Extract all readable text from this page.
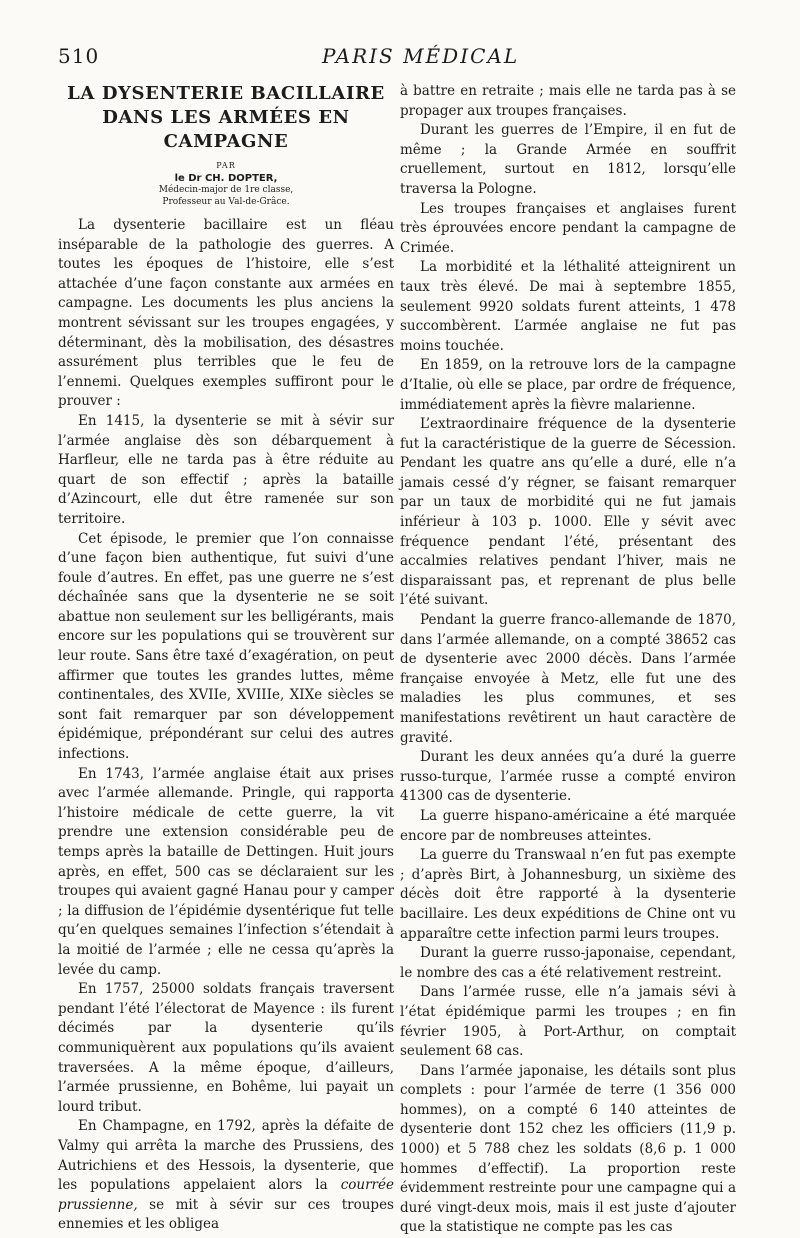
510	PARIS MÉDICAL
LA DYSENTERIE BACILLAIRE DANS LES ARMÉES EN CAMPAGNE
PAR
le Dr CH. DOPTER,
Médecin-major de 1re classe,
Professeur au Val-de-Grâce.

La dysenterie bacillaire est un fléau inséparable de la pathologie des guerres. A toutes les époques de l’histoire, elle s’est attachée d’une façon constante aux armées en campagne. Les documents les plus anciens la montrent sévissant sur les troupes engagées, y déterminant, dès la mobilisation, des désastres assurément plus terribles que le feu de l’ennemi. Quelques exemples suffiront pour le prouver :

En 1415, la dysenterie se mit à sévir sur l’armée anglaise dès son débarquement à Harfleur, elle ne tarda pas à être réduite au quart de son effectif ; après la bataille d’Azincourt, elle dut être ramenée sur son territoire.

Cet épisode, le premier que l’on connaisse d’une façon bien authentique, fut suivi d’une foule d’autres. En effet, pas une guerre ne s’est déchaînée sans que la dysenterie ne se soit abattue non seulement sur les belligérants, mais encore sur les populations qui se trouvèrent sur leur route. Sans être taxé d’exagération, on peut affirmer que toutes les grandes luttes, même continentales, des XVIIe, XVIIIe, XIXe siècles se sont fait remarquer par son développement épidémique, prépondérant sur celui des autres infections.

En 1743, l’armée anglaise était aux prises avec l’armée allemande. Pringle, qui rapporta l’histoire médicale de cette guerre, la vit prendre une extension considérable peu de temps après la bataille de Dettingen. Huit jours après, en effet, 500 cas se déclaraient sur les troupes qui avaient gagné Hanau pour y camper ; la diffusion de l’épidémie dysentérique fut telle qu’en quelques semaines l’infection s’étendait à la moitié de l’armée ; elle ne cessa qu’après la levée du camp.

En 1757, 25000 soldats français traversent pendant l’été l’électorat de Mayence : ils furent décimés par la dysenterie qu’ils communiquèrent aux populations qu’ils avaient traversées. A la même époque, d’ailleurs, l’armée prussienne, en Bohême, lui payait un lourd tribut.

En Champagne, en 1792, après la défaite de Valmy qui arrêta la marche des Prussiens, des Autrichiens et des Hessois, la dysenterie, que les populations appelaient alors la courrée prussienne, se mit à sévir sur ces troupes ennemies et les obligea

à battre en retraite ; mais elle ne tarda pas à se propager aux troupes françaises.

Durant les guerres de l’Empire, il en fut de même ; la Grande Armée en souffrit cruellement, surtout en 1812, lorsqu’elle traversa la Pologne.

Les troupes françaises et anglaises furent très éprouvées encore pendant la campagne de Crimée.

La morbidité et la léthalité atteignirent un taux très élevé. De mai à septembre 1855, seulement 9920 soldats furent atteints, 1 478 succombèrent. L’armée anglaise ne fut pas moins touchée.

En 1859, on la retrouve lors de la campagne d’Italie, où elle se place, par ordre de fréquence, immédiatement après la fièvre malarienne.

L’extraordinaire fréquence de la dysenterie fut la caractéristique de la guerre de Sécession. Pendant les quatre ans qu’elle a duré, elle n’a jamais cessé d’y régner, se faisant remarquer par un taux de morbidité qui ne fut jamais inférieur à 103 p. 1000. Elle y sévit avec fréquence pendant l’été, présentant des accalmies relatives pendant l’hiver, mais ne disparaissant pas, et reprenant de plus belle l’été suivant.

Pendant la guerre franco-allemande de 1870, dans l’armée allemande, on a compté 38652 cas de dysenterie avec 2000 décès. Dans l’armée française envoyée à Metz, elle fut une des maladies les plus communes, et ses manifestations revêtirent un haut caractère de gravité.

Durant les deux années qu’a duré la guerre russo-turque, l’armée russe a compté environ 41300 cas de dysenterie.

La guerre hispano-américaine a été marquée encore par de nombreuses atteintes.

La guerre du Transwaal n’en fut pas exempte ; d’après Birt, à Johannesburg, un sixième des décès doit être rapporté à la dysenterie bacillaire. Les deux expéditions de Chine ont vu apparaître cette infection parmi leurs troupes.

Durant la guerre russo-japonaise, cependant, le nombre des cas a été relativement restreint.

Dans l’armée russe, elle n’a jamais sévi à l’état épidémique parmi les troupes ; en fin février 1905, à Port-Arthur, on comptait seulement 68 cas.

Dans l’armée japonaise, les détails sont plus complets : pour l’armée de terre (1 356 000 hommes), on a compté 6 140 atteintes de dysenterie dont 152 chez les officiers (11,9 p. 1000) et 5 788 chez les soldats (8,6 p. 1 000 hommes d’effectif). La proportion reste évidemment restreinte pour une campagne qui a duré vingt-deux mois, mais il est juste d’ajouter que la statistique ne compte pas les cas
